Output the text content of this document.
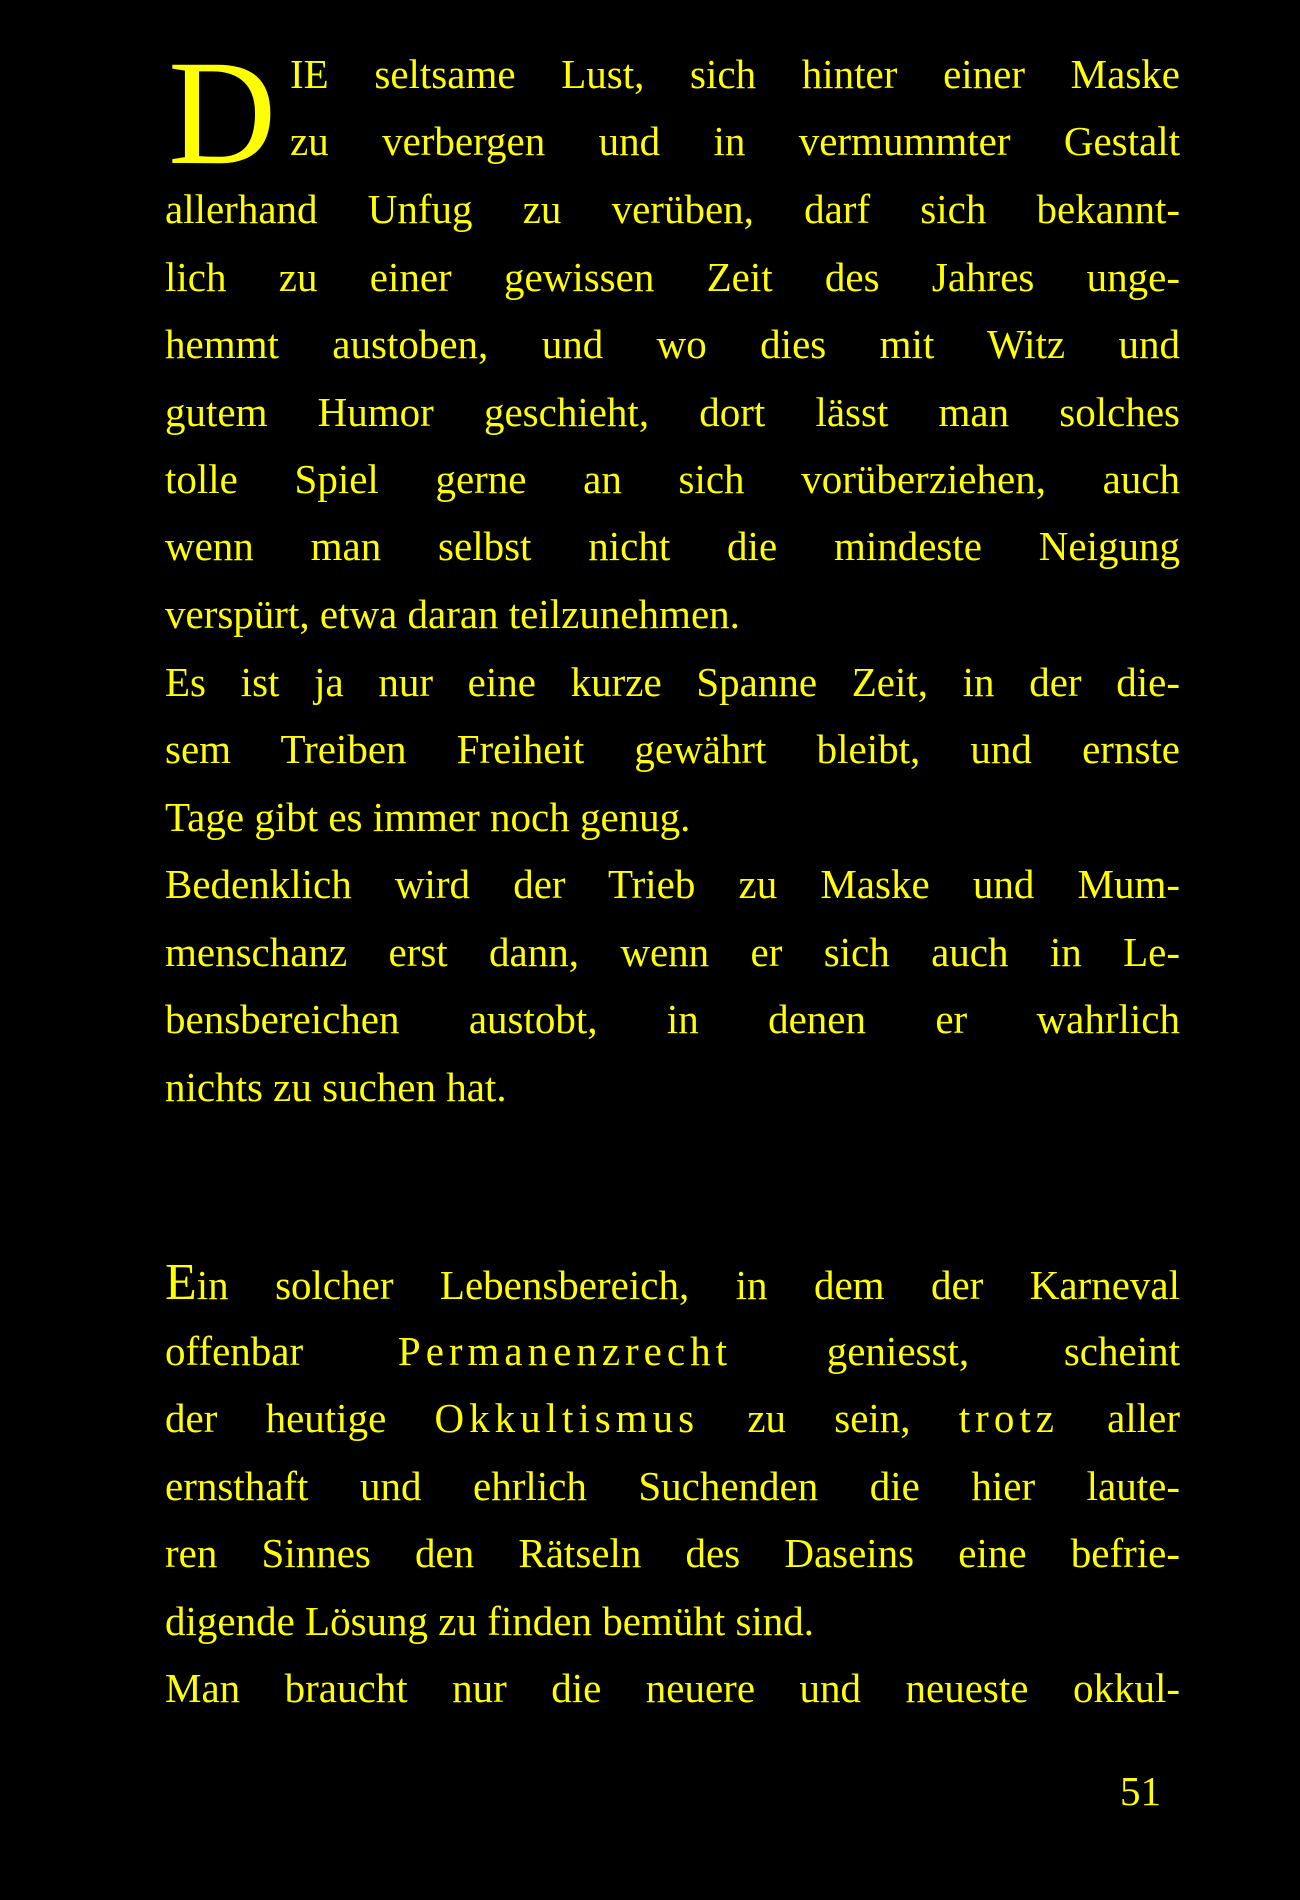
D IE seltsame Lust, sich hinter einer Maske
zu verbergen und in vermummter Gestalt
allerhand Unfug zu verüben, darf sich bekannt-
lich zu einer gewissen Zeit des Jahres unge-
hemmt austoben, und wo dies mit Witz und
gutem Humor geschieht, dort lässt man solches
tolle Spiel gerne an sich vorüberziehen, auch
wenn man selbst nicht die mindeste Neigung
verspürt, etwa daran teilzunehmen.
Es ist ja nur eine kurze Spanne Zeit, in der die-
sem Treiben Freiheit gewährt bleibt, und ernste
Tage gibt es immer noch genug.
Bedenklich wird der Trieb zu Maske und Mum-
menschanz erst dann, wenn er sich auch in Le-
bensbereichen austobt, in denen er wahrlich
nichts zu suchen hat.
Ein solcher Lebensbereich, in dem der Karneval
offenbar Permanenzrecht geniesst, scheint
der heutige Okkultismus zu sein, trotz aller
ernsthaft und ehrlich Suchenden die hier laute-
ren Sinnes den Rätseln des Daseins eine befrie-
digende Lösung zu finden bemüht sind.
Man braucht nur die neuere und neueste okkul-
51
